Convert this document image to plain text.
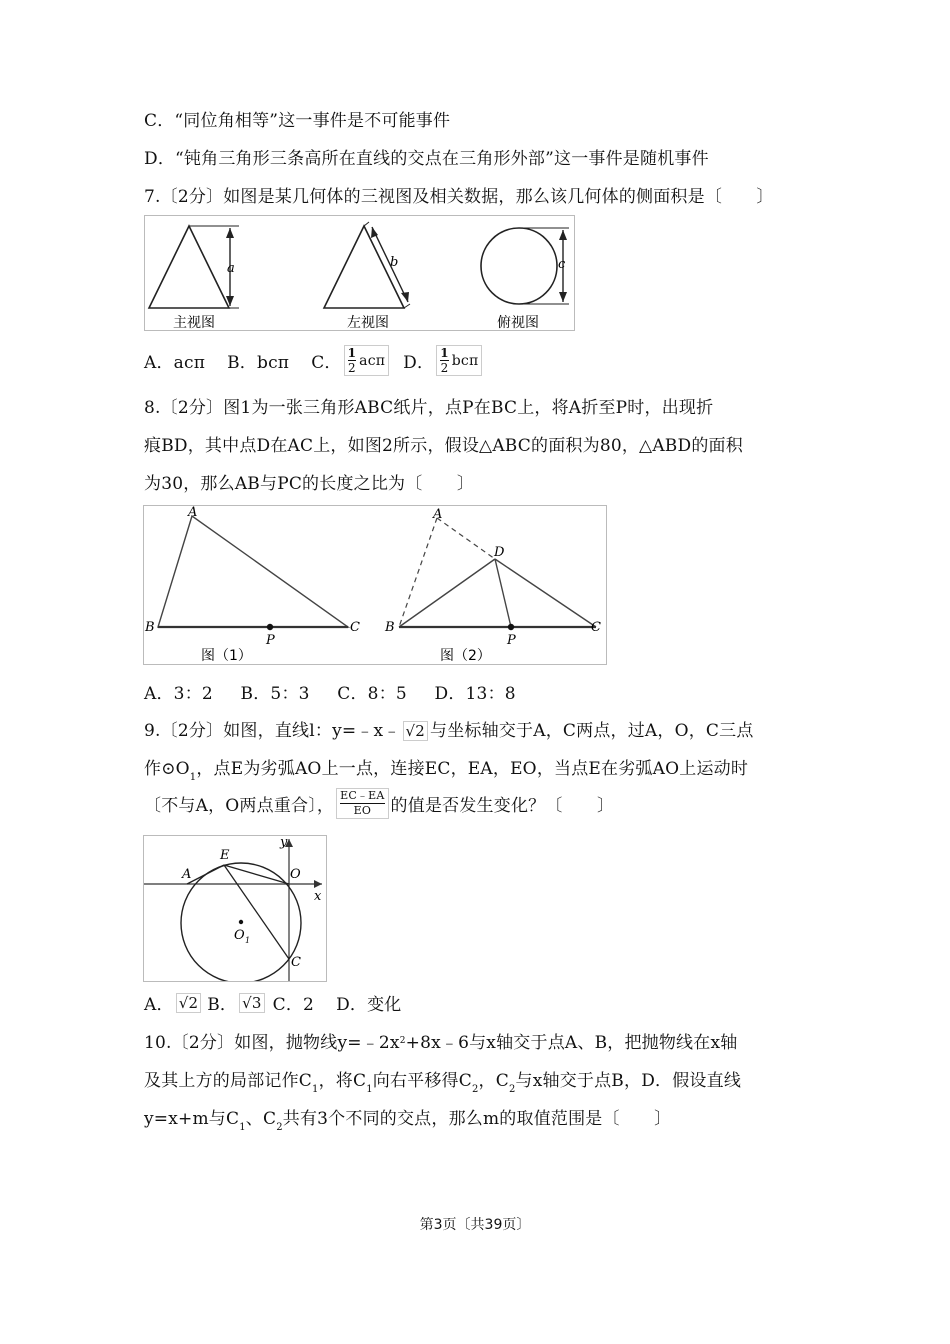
C．“同位角相等”这一事件是不可能事件
D．“钝角三角形三条高所在直线的交点在三角形外部”这一事件是随机事件
7.〔2分〕如图是某几何体的三视图及相关数据，那么该几何体的侧面积是〔　　〕
a
主视图
b
左视图
c
俯视图
A．acπ B．bcπ C． $\frac{1}{2}$ acπ D． $\frac{1}{2}$ bcπ
8.〔2分〕图1为一张三角形ABC纸片，点P在BC上，将A折至P时，出现折
痕BD，其中点D在AC上，如图2所示，假设△ABC的面积为80，△ABD的面积
为30，那么AB与PC的长度之比为〔　　〕
A
B	C
P
图（1）
A
D
B	C
P
图（2）
A．3：2 B．5：3 C．8：5 D．13：8
9.〔2分〕如图，直线l：y=﹣x﹣ √2 与坐标轴交于A，C两点，过A，O，C三点
作$⊙O_1$，点E为劣弧AO上一点，连接EC，EA，EO，当点E在劣弧AO上运动时
〔不与A，O两点重合〕， $\frac{EC﹣EA}{EO}$ 的值是否发生变化？〔　　〕
x
y
A
E
O
C
O 1
A． √2 B． √3 C．2 D．变化
10.〔2分〕如图，抛物线$y=﹣2x^2+8x﹣6$与x轴交于点A、B，把抛物线在x轴
及其上方的局部记作$C_1$，将$C_1$向右平移得$C_2$，$C_2$与x轴交于点B，D．假设直线
y=x+m与$C_1$、$C_2$共有3个不同的交点，那么m的取值范围是〔　　〕
第3页〔共39页〕
